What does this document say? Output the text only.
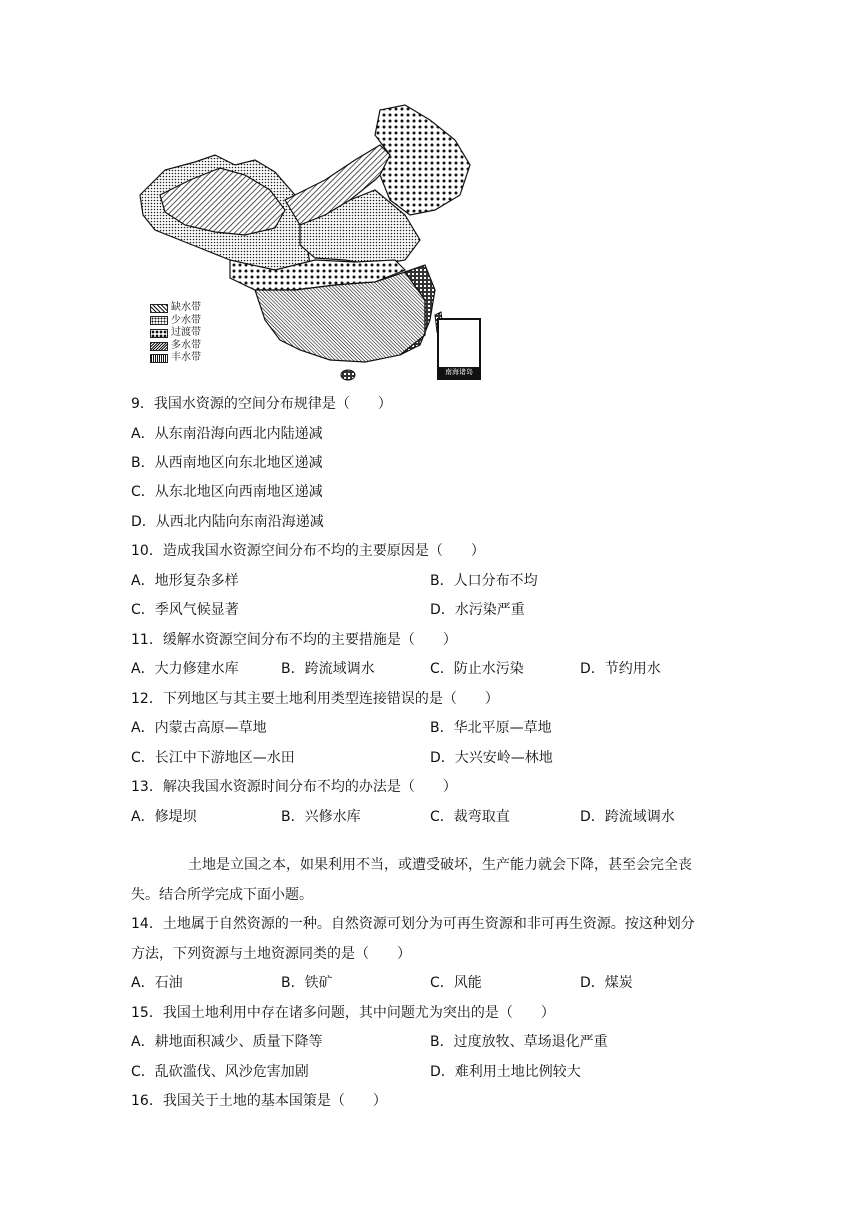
缺水带
少水带
过渡带
多水带
丰水带
南海诸岛
9．我国水资源的空间分布规律是（　　）
A．从东南沿海向西北内陆递减
B．从西南地区向东北地区递减
C．从东北地区向西南地区递减
D．从西北内陆向东南沿海递减
10．造成我国水资源空间分布不均的主要原因是（　　）
A．地形复杂多样	B．人口分布不均
C．季风气候显著	D．水污染严重
11．缓解水资源空间分布不均的主要措施是（　　）
A．大力修建水库	B．跨流域调水	C．防止水污染	D．节约用水
12．下列地区与其主要土地利用类型连接错误的是（　　）
A．内蒙古高原—草地	B．华北平原—草地
C．长江中下游地区—水田	D．大兴安岭—林地
13．解决我国水资源时间分布不均的办法是（　　）
A．修堤坝	B．兴修水库	C．裁弯取直	D．跨流域调水
土地是立国之本，如果利用不当，或遭受破坏，生产能力就会下降，甚至会完全丧
失。结合所学完成下面小题。
14．土地属于自然资源的一种。自然资源可划分为可再生资源和非可再生资源。按这种划分
方法，下列资源与土地资源同类的是（　　）
A．石油	B．铁矿	C．风能	D．煤炭
15．我国土地利用中存在诸多问题，其中问题尤为突出的是（　　）
A．耕地面积减少、质量下降等	B．过度放牧、草场退化严重
C．乱砍滥伐、风沙危害加剧	D．难利用土地比例较大
16．我国关于土地的基本国策是（　　）
